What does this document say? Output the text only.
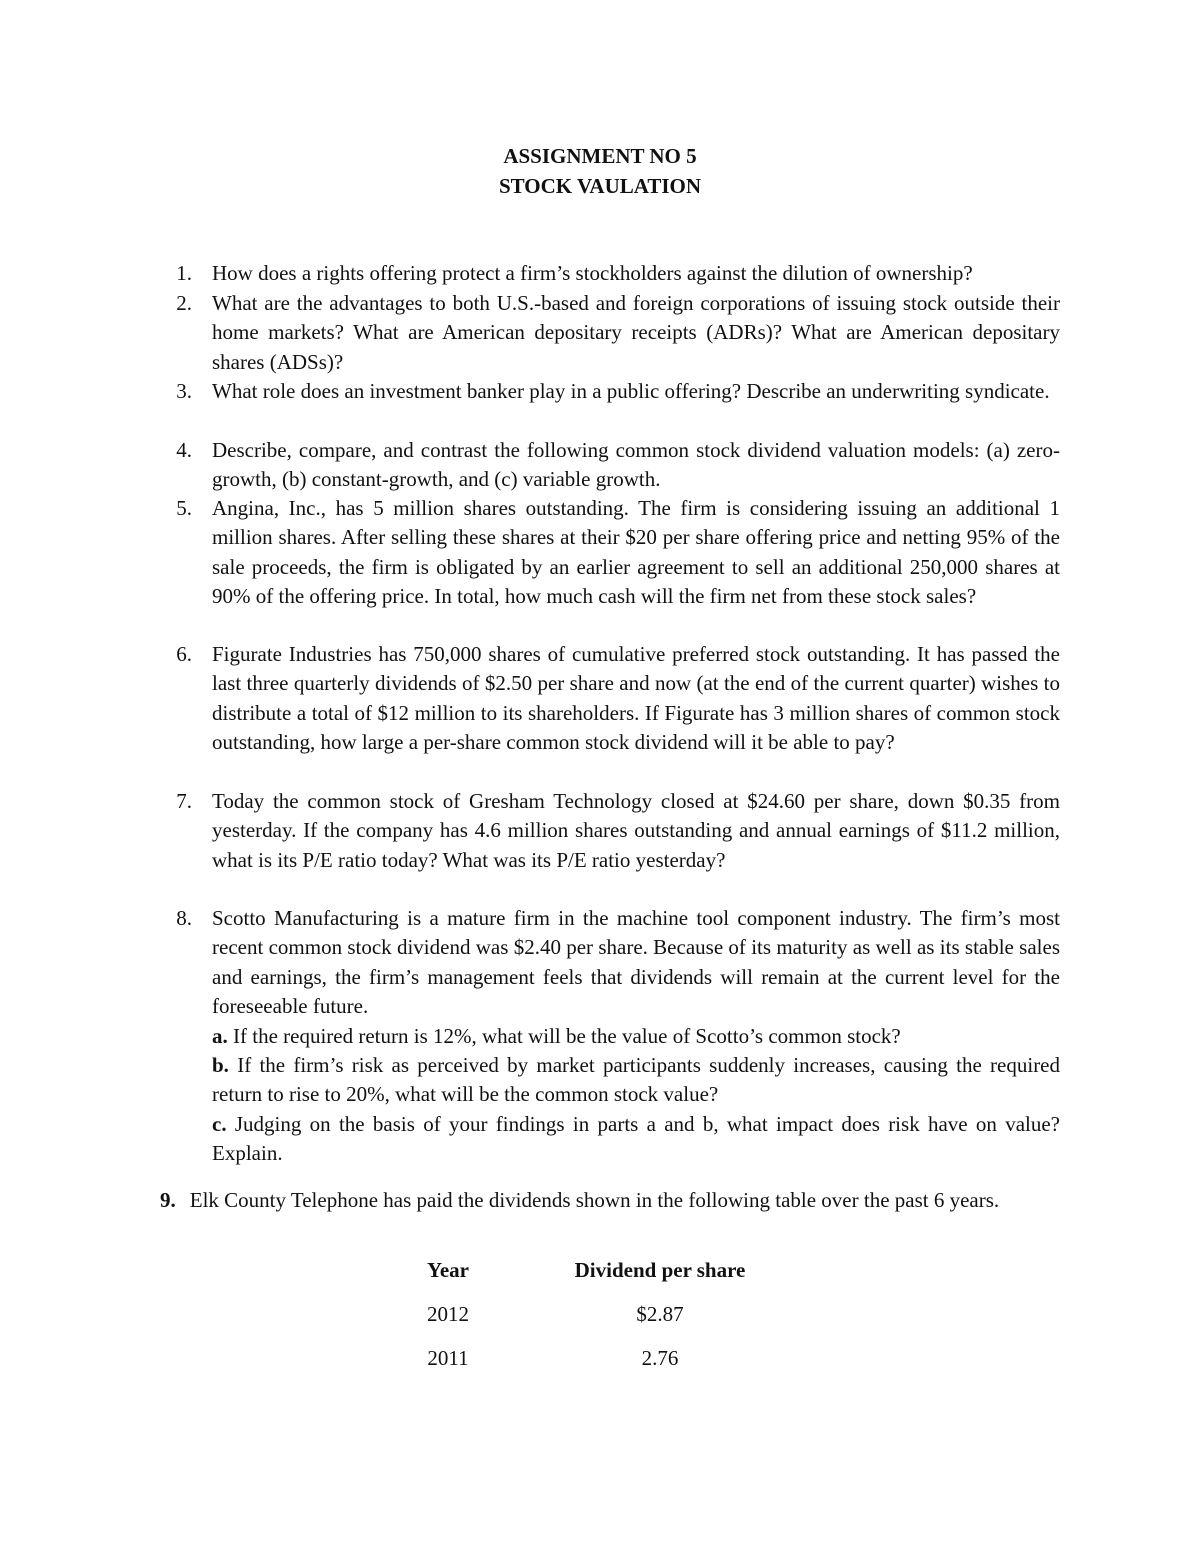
ASSIGNMENT NO 5
STOCK VAULATION
1. How does a rights offering protect a firm’s stockholders against the dilution of ownership?
2. What are the advantages to both U.S.-based and foreign corporations of issuing stock outside their home markets? What are American depositary receipts (ADRs)? What are American depositary shares (ADSs)?
3. What role does an investment banker play in a public offering? Describe an underwriting syndicate.
4. Describe, compare, and contrast the following common stock dividend valuation models: (a) zero-growth, (b) constant-growth, and (c) variable growth.
5. Angina, Inc., has 5 million shares outstanding. The firm is considering issuing an additional 1 million shares. After selling these shares at their $20 per share offering price and netting 95% of the sale proceeds, the firm is obligated by an earlier agreement to sell an additional 250,000 shares at 90% of the offering price. In total, how much cash will the firm net from these stock sales?
6. Figurate Industries has 750,000 shares of cumulative preferred stock outstanding. It has passed the last three quarterly dividends of $2.50 per share and now (at the end of the current quarter) wishes to distribute a total of $12 million to its shareholders. If Figurate has 3 million shares of common stock outstanding, how large a per-share common stock dividend will it be able to pay?
7. Today the common stock of Gresham Technology closed at $24.60 per share, down $0.35 from yesterday. If the company has 4.6 million shares outstanding and annual earnings of $11.2 million, what is its P/E ratio today? What was its P/E ratio yesterday?
8. Scotto Manufacturing is a mature firm in the machine tool component industry. The firm’s most recent common stock dividend was $2.40 per share. Because of its maturity as well as its stable sales and earnings, the firm’s management feels that dividends will remain at the current level for the foreseeable future.
a. If the required return is 12%, what will be the value of Scotto’s common stock?
b. If the firm’s risk as perceived by market participants suddenly increases, causing the required return to rise to 20%, what will be the common stock value?
c. Judging on the basis of your findings in parts a and b, what impact does risk have on value? Explain.
9. Elk County Telephone has paid the dividends shown in the following table over the past 6 years.
Year	Dividend per share
2012	$2.87
2011	2.76
